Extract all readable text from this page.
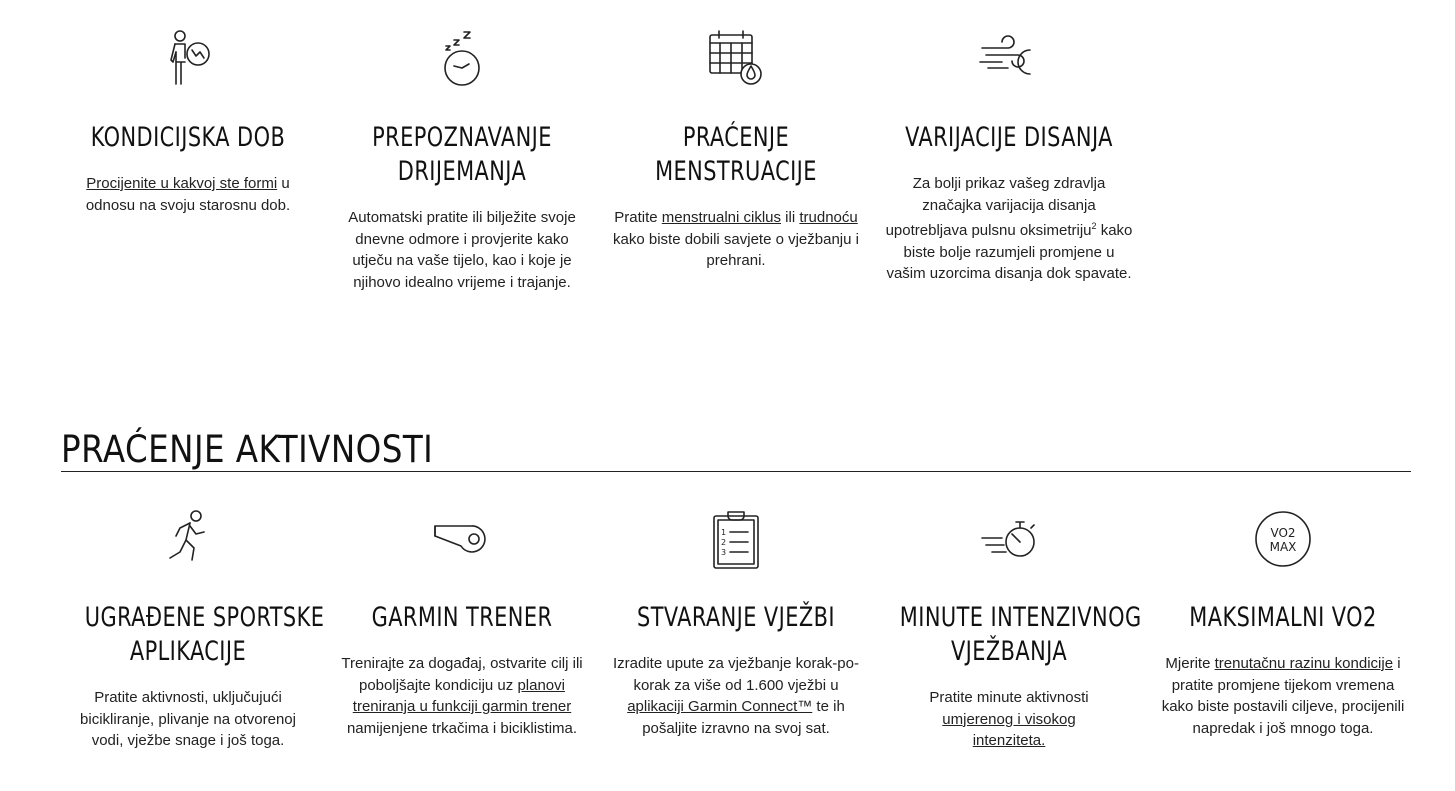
KONDICIJSKA DOB
Procijenite u kakvoj ste formi u odnosu na svoju starosnu dob.
PREPOZNAVANJE
DRIJEMANJA
Automatski pratite ili bilježite svoje dnevne odmore i provjerite kako utječu na vaše tijelo, kao i koje je njihovo idealno vrijeme i trajanje.
PRAĆENJE
MENSTRUACIJE
Pratite menstrualni ciklus ili trudnoću kako biste dobili savjete o vježbanju i prehrani.
VARIJACIJE DISANJA
Za bolji prikaz vašeg zdravlja značajka varijacija disanja upotrebljava pulsnu oksimetriju$^2$ kako biste bolje razumjeli promjene u vašim uzorcima disanja dok spavate.
PRAĆENJE AKTIVNOSTI
UGRAĐENE SPORTSKE
APLIKACIJE
Pratite aktivnosti, uključujući bicikliranje, plivanje na otvorenoj vodi, vježbe snage i još toga.
GARMIN TRENER
Trenirajte za događaj, ostvarite cilj ili poboljšajte kondiciju uz planovi treniranja u funkciji garmin trener namijenjene trkačima i biciklistima.
1
2
3
STVARANJE VJEŽBI
Izradite upute za vježbanje korak-po-korak za više od 1.600 vježbi u aplikaciji Garmin Connect™ te ih pošaljite izravno na svoj sat.
MINUTE INTENZIVNOG
VJEŽBANJA
Pratite minute aktivnosti umjerenog i visokog intenziteta.
VO2
MAX
MAKSIMALNI VO2
Mjerite trenutačnu razinu kondicije i pratite promjene tijekom vremena kako biste postavili ciljeve, procijenili napredak i još mnogo toga.
